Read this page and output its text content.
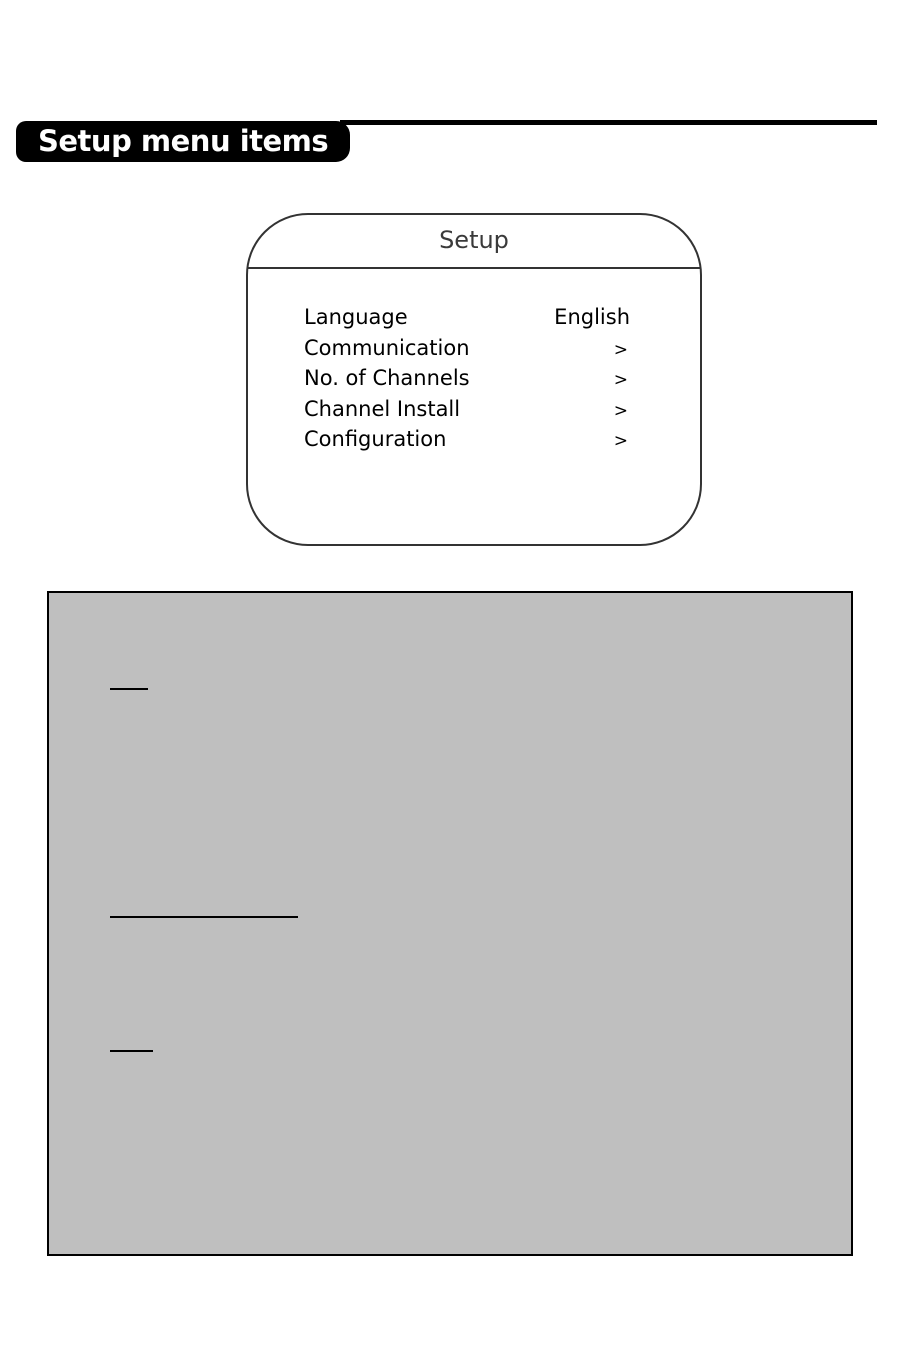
Setup menu items
Setup
Language	English
Communication	>
No. of Channels	>
Channel Install	>
Configuration	>
